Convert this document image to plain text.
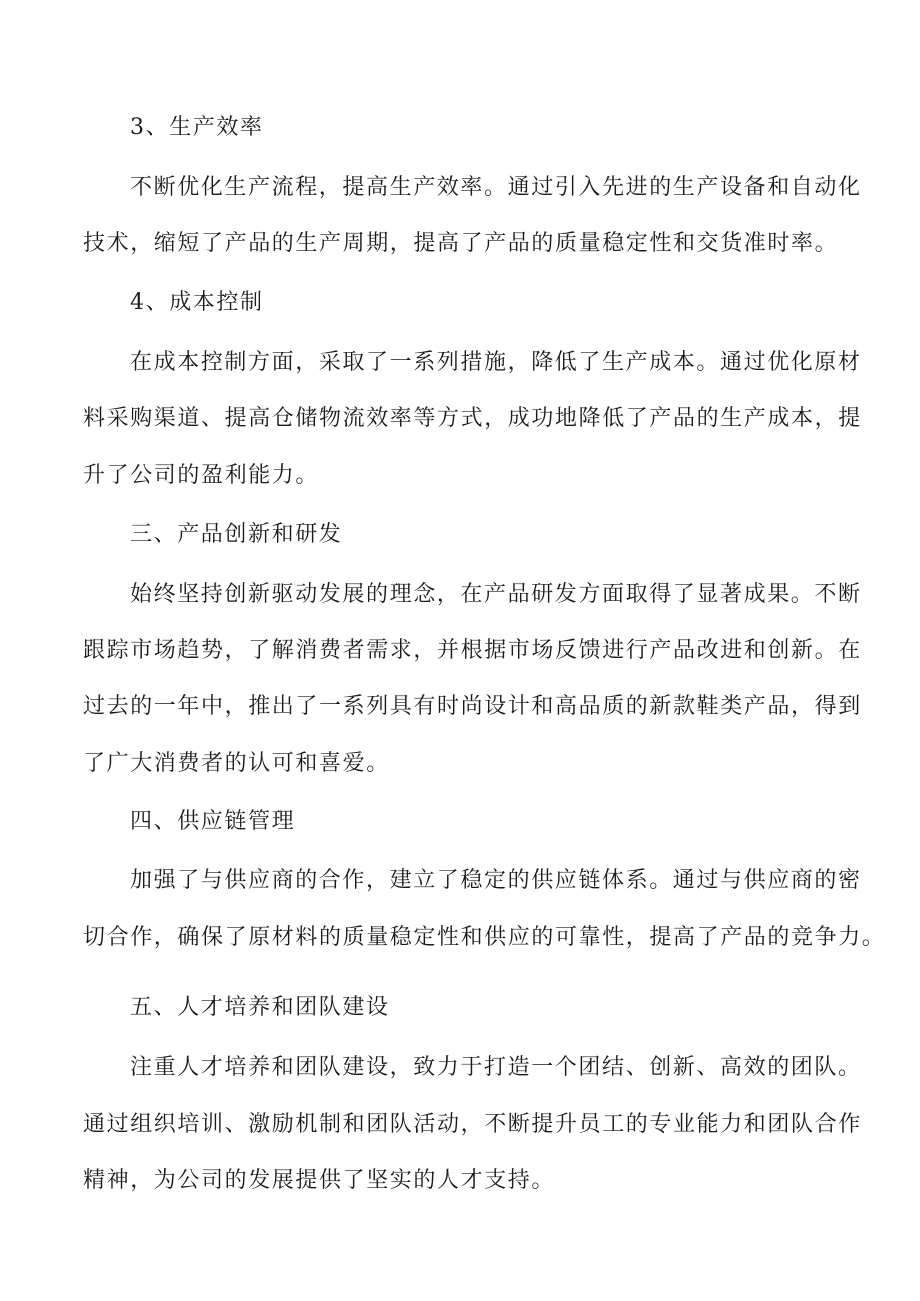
3、生产效率
不断优化生产流程，提高生产效率。通过引入先进的生产设备和自动化
技术，缩短了产品的生产周期，提高了产品的质量稳定性和交货准时率。
4、成本控制
在成本控制方面，采取了一系列措施，降低了生产成本。通过优化原材
料采购渠道、提高仓储物流效率等方式，成功地降低了产品的生产成本，提
升了公司的盈利能力。
三、产品创新和研发
始终坚持创新驱动发展的理念，在产品研发方面取得了显著成果。不断
跟踪市场趋势，了解消费者需求，并根据市场反馈进行产品改进和创新。在
过去的一年中，推出了一系列具有时尚设计和高品质的新款鞋类产品，得到
了广大消费者的认可和喜爱。
四、供应链管理
加强了与供应商的合作，建立了稳定的供应链体系。通过与供应商的密
切合作，确保了原材料的质量稳定性和供应的可靠性，提高了产品的竞争力。
五、人才培养和团队建设
注重人才培养和团队建设，致力于打造一个团结、创新、高效的团队。
通过组织培训、激励机制和团队活动，不断提升员工的专业能力和团队合作
精神，为公司的发展提供了坚实的人才支持。
